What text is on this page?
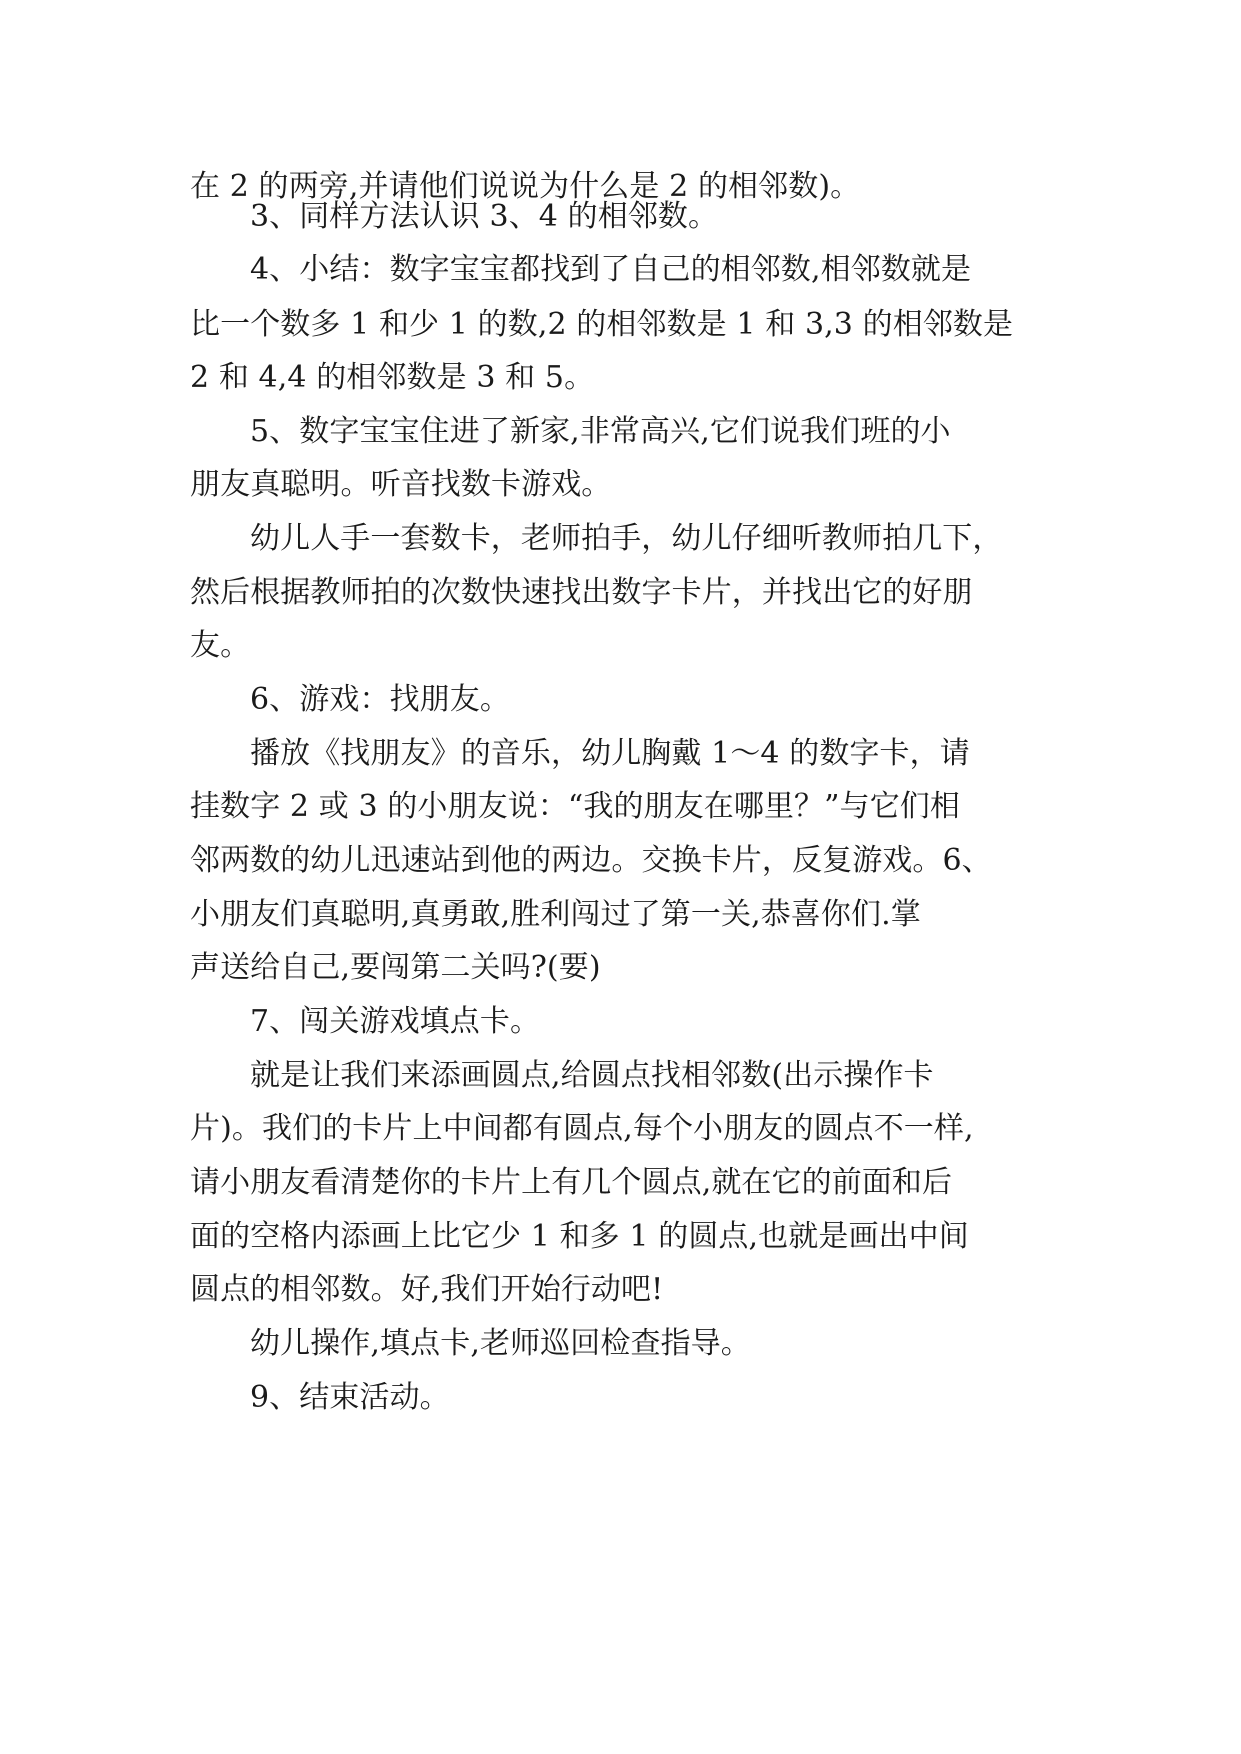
在 2 的两旁,并请他们说说为什么是 2 的相邻数)。
3、同样方法认识 3、4 的相邻数。
4、小结：数字宝宝都找到了自己的相邻数,相邻数就是
比一个数多 1 和少 1 的数,2 的相邻数是 1 和 3,3 的相邻数是
2 和 4,4 的相邻数是 3 和 5。
5、数字宝宝住进了新家,非常高兴,它们说我们班的小
朋友真聪明。听音找数卡游戏。
幼儿人手一套数卡，老师拍手，幼儿仔细听教师拍几下，
然后根据教师拍的次数快速找出数字卡片，并找出它的好朋
友。
6、游戏：找朋友。
播放《找朋友》的音乐，幼儿胸戴 1～4 的数字卡，请
挂数字 2 或 3 的小朋友说：“我的朋友在哪里？”与它们相
邻两数的幼儿迅速站到他的两边。交换卡片，反复游戏。6、
小朋友们真聪明,真勇敢,胜利闯过了第一关,恭喜你们.掌
声送给自己,要闯第二关吗?(要)
7、闯关游戏填点卡。
就是让我们来添画圆点,给圆点找相邻数(出示操作卡
片)。我们的卡片上中间都有圆点,每个小朋友的圆点不一样,
请小朋友看清楚你的卡片上有几个圆点,就在它的前面和后
面的空格内添画上比它少 1 和多 1 的圆点,也就是画出中间
圆点的相邻数。好,我们开始行动吧!
幼儿操作,填点卡,老师巡回检查指导。
9、结束活动。
